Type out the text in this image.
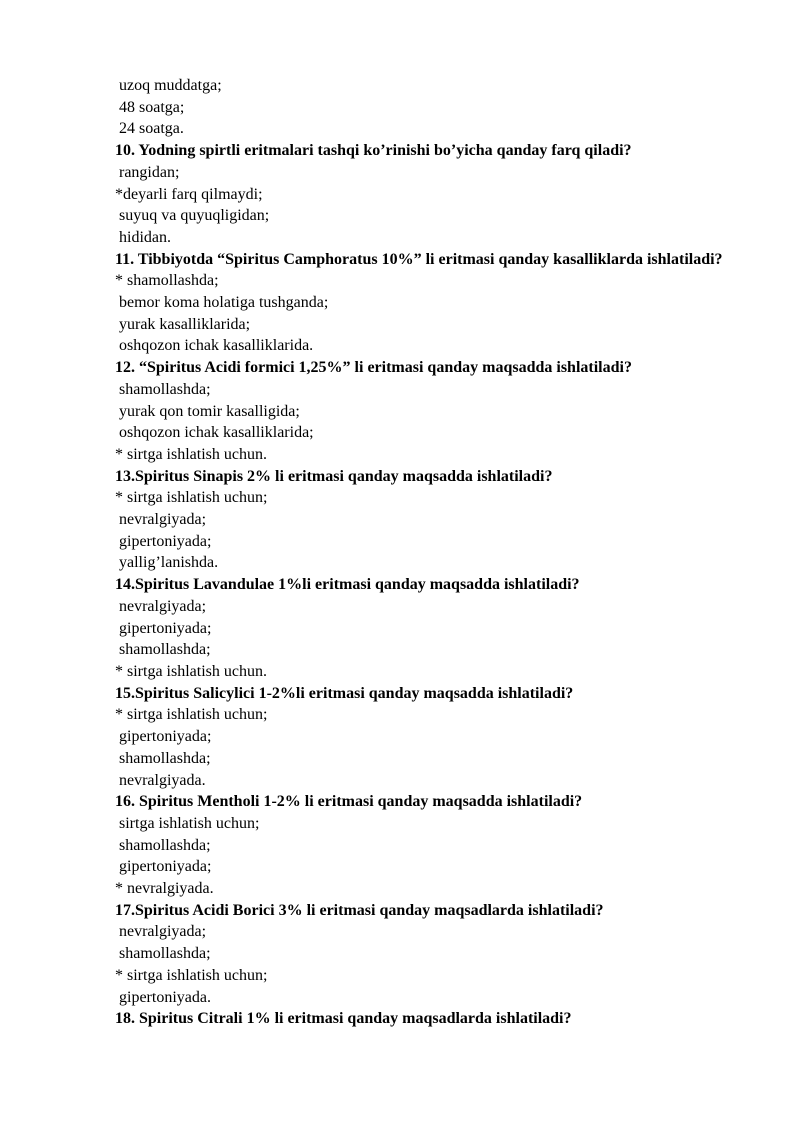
uzoq muddatga;

48 soatga;

24 soatga.

10. Yodning spirtli eritmalari tashqi ko’rinishi bo’yicha qanday farq qiladi?

rangidan;

*deyarli farq qilmaydi;

suyuq va quyuqligidan;

hididan.

11. Tibbiyotda “Spiritus Camphoratus 10%” li eritmasi qanday kasalliklarda ishlatiladi?

* shamollashda;

bemor koma holatiga tushganda;

yurak kasalliklarida;

oshqozon ichak kasalliklarida.

12. “Spiritus Acidi formici 1,25%” li eritmasi qanday maqsadda ishlatiladi?

shamollashda;

yurak qon tomir kasalligida;

oshqozon ichak kasalliklarida;

* sirtga ishlatish uchun.

13.Spiritus Sinapis 2% li eritmasi qanday maqsadda ishlatiladi?

* sirtga ishlatish uchun;

nevralgiyada;

gipertoniyada;

yallig’lanishda.

14.Spiritus Lavandulae 1%li eritmasi qanday maqsadda ishlatiladi?

nevralgiyada;

gipertoniyada;

shamollashda;

* sirtga ishlatish uchun.

15.Spiritus Salicylici 1-2%li eritmasi qanday maqsadda ishlatiladi?

* sirtga ishlatish uchun;

gipertoniyada;

shamollashda;

nevralgiyada.

16. Spiritus Mentholi 1-2% li eritmasi qanday maqsadda ishlatiladi?

sirtga ishlatish uchun;

shamollashda;

gipertoniyada;

* nevralgiyada.

17.Spiritus Acidi Borici 3% li eritmasi qanday maqsadlarda ishlatiladi?

nevralgiyada;

shamollashda;

* sirtga ishlatish uchun;

gipertoniyada.

18. Spiritus Citrali 1% li eritmasi qanday maqsadlarda ishlatiladi?
